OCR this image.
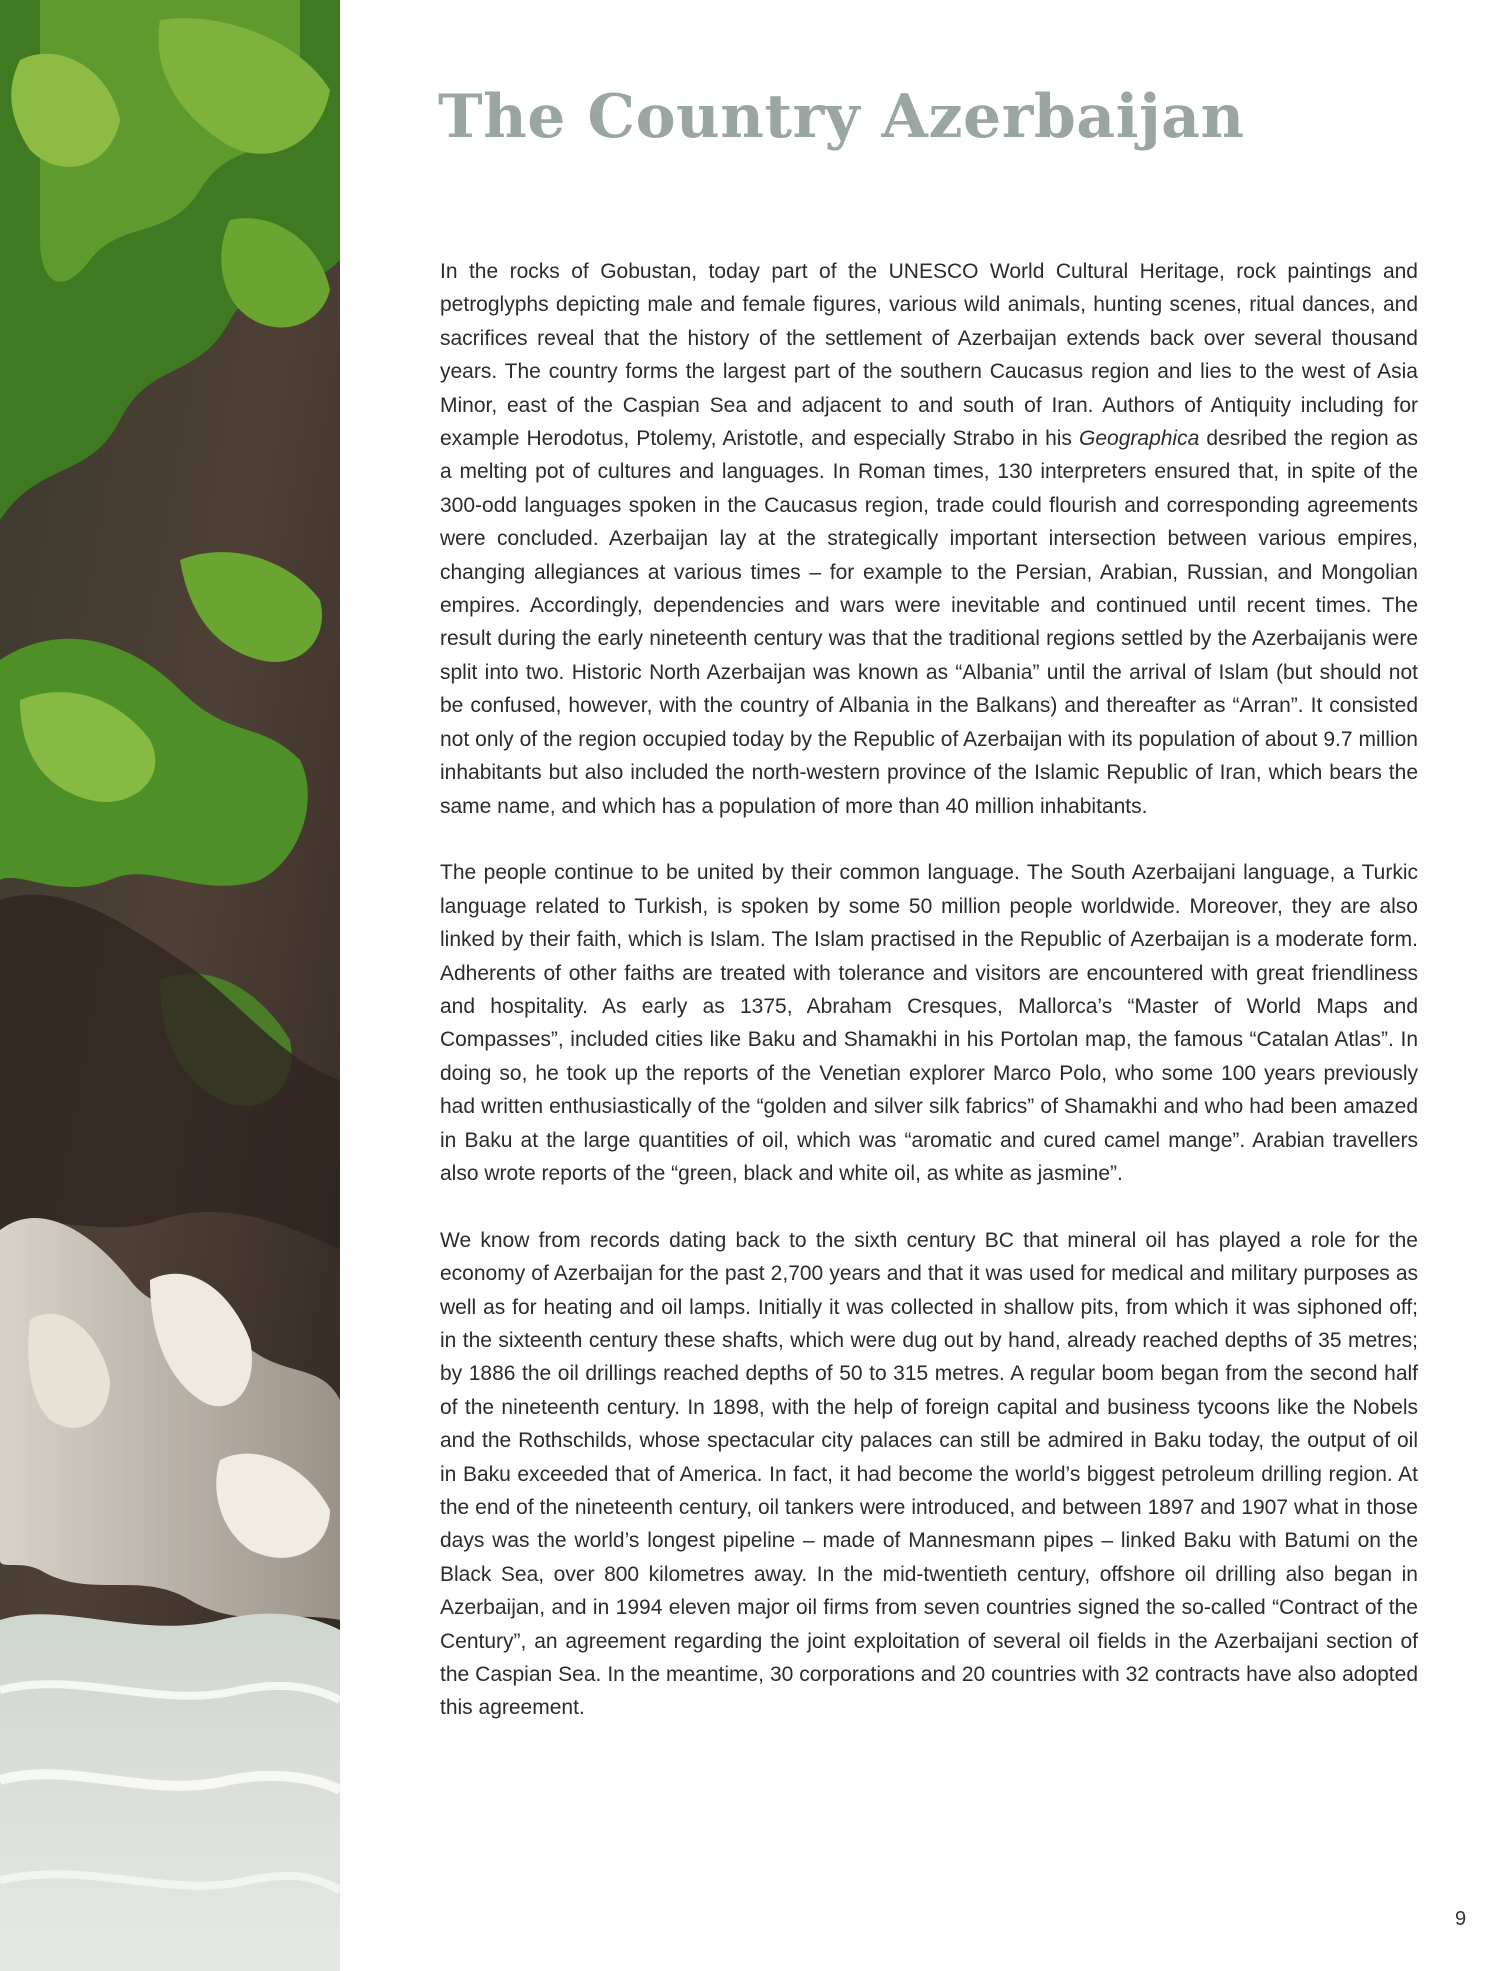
The Country Azerbaijan

In the rocks of Gobustan, today part of the UNESCO World Cultural Heritage, rock paintings and petroglyphs depicting male and female figures, various wild animals, hunting scenes, ritual dances, and sacrifices reveal that the history of the settlement of Azerbaijan extends back over several thousand years. The country forms the largest part of the southern Caucasus region and lies to the west of Asia Minor, east of the Caspian Sea and adjacent to and south of Iran. Authors of Antiquity including for example Herodotus, Ptolemy, Aristotle, and especially Strabo in his Geographica desribed the region as a melting pot of cultures and languages. In Roman times, 130 interpreters ensured that, in spite of the 300-odd languages spoken in the Caucasus region, trade could flourish and corresponding agreements were concluded. Azerbaijan lay at the strategically important intersection between various empires, changing allegiances at various times – for example to the Persian, Arabian, Russian, and Mongolian empires. Accordingly, dependencies and wars were inevitable and continued until recent times. The result during the early nineteenth century was that the traditional regions settled by the Azerbaijanis were split into two. Historic North Azerbaijan was known as “Albania” until the arrival of Islam (but should not be confused, however, with the country of Albania in the Balkans) and thereafter as “Arran”. It consisted not only of the region occupied today by the Republic of Azerbaijan with its population of about 9.7 million inhabitants but also included the north-western province of the Islamic Republic of Iran, which bears the same name, and which has a population of more than 40 million inhabitants.

The people continue to be united by their common language. The South Azerbaijani language, a Turkic language related to Turkish, is spoken by some 50 million people worldwide. Moreover, they are also linked by their faith, which is Islam. The Islam practised in the Republic of Azerbaijan is a moderate form. Adherents of other faiths are treated with tolerance and visitors are encountered with great friendliness and hospitality. As early as 1375, Abraham Cresques, Mallorca’s “Master of World Maps and Compasses”, included cities like Baku and Shamakhi in his Portolan map, the famous “Catalan Atlas”. In doing so, he took up the reports of the Venetian explorer Marco Polo, who some 100 years previously had written enthusiastically of the “golden and silver silk fabrics” of Shamakhi and who had been amazed in Baku at the large quantities of oil, which was “aromatic and cured camel mange”. Arabian travellers also wrote reports of the “green, black and white oil, as white as jasmine”.

We know from records dating back to the sixth century BC that mineral oil has played a role for the economy of Azerbaijan for the past 2,700 years and that it was used for medical and military purposes as well as for heating and oil lamps. Initially it was collected in shallow pits, from which it was siphoned off; in the sixteenth century these shafts, which were dug out by hand, already reached depths of 35 metres; by 1886 the oil drillings reached depths of 50 to 315 metres. A regular boom began from the second half of the nineteenth century. In 1898, with the help of foreign capital and business tycoons like the Nobels and the Rothschilds, whose spectacular city palaces can still be admired in Baku today, the output of oil in Baku exceeded that of America. In fact, it had become the world’s biggest petroleum drilling region. At the end of the nineteenth century, oil tankers were introduced, and between 1897 and 1907 what in those days was the world’s longest pipeline – made of Mannesmann pipes – linked Baku with Batumi on the Black Sea, over 800 kilometres away. In the mid-twentieth century, offshore oil drilling also began in Azerbaijan, and in 1994 eleven major oil firms from seven countries signed the so-called “Contract of the Century”, an agreement regarding the joint exploitation of several oil fields in the Azerbaijani section of the Caspian Sea. In the meantime, 30 corporations and 20 countries with 32 contracts have also adopted this agreement.

9
